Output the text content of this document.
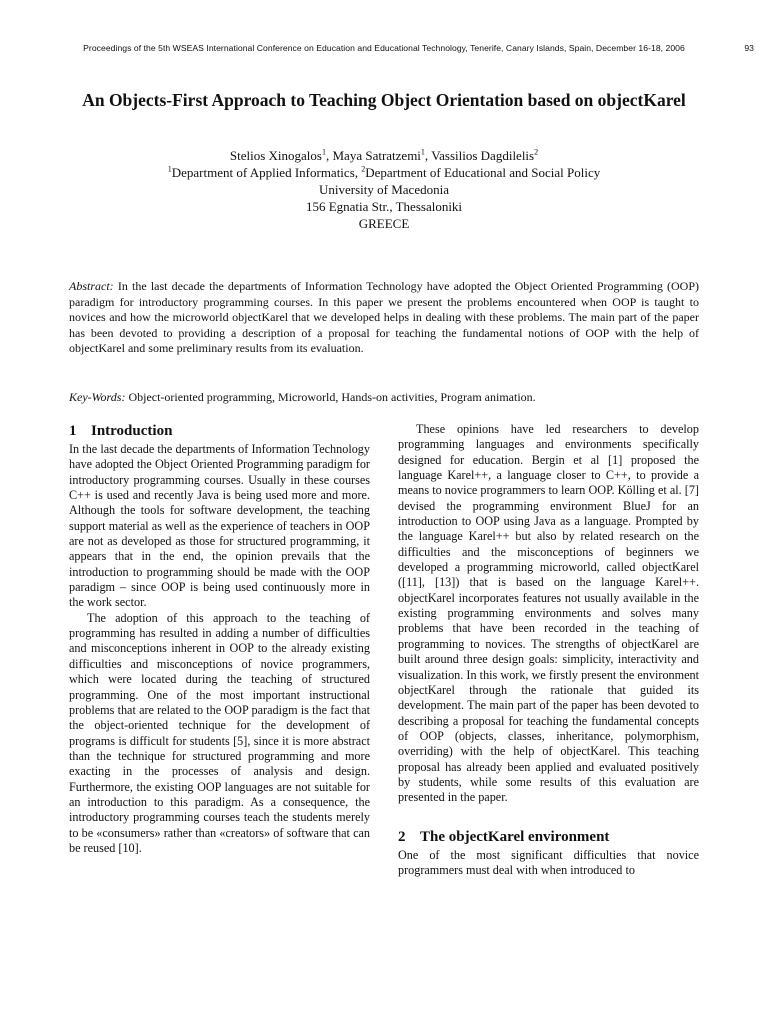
Proceedings of the 5th WSEAS International Conference on Education and Educational Technology, Tenerife, Canary Islands, Spain, December 16-18, 2006	93
An Objects-First Approach to Teaching Object Orientation based on objectKarel
Stelios Xinogalos$^1$, Maya Satratzemi$^1$, Vassilios Dagdilelis$^2$
$^1$Department of Applied Informatics, $^2$Department of Educational and Social Policy
University of Macedonia
156 Egnatia Str., Thessaloniki
GREECE
Abstract: In the last decade the departments of Information Technology have adopted the Object Oriented Programming (OOP) paradigm for introductory programming courses. In this paper we present the problems encountered when OOP is taught to novices and how the microworld objectKarel that we developed helps in dealing with these problems. The main part of the paper has been devoted to providing a description of a proposal for teaching the fundamental notions of OOP with the help of objectKarel and some preliminary results from its evaluation.
Key-Words: Object-oriented programming, Microworld, Hands-on activities, Program animation.
1 Introduction

In the last decade the departments of Information Technology have adopted the Object Oriented Programming paradigm for introductory programming courses. Usually in these courses C++ is used and recently Java is being used more and more. Although the tools for software development, the teaching support material as well as the experience of teachers in OOP are not as developed as those for structured programming, it appears that in the end, the opinion prevails that the introduction to programming should be made with the OOP paradigm – since OOP is being used continuously more in the work sector.

The adoption of this approach to the teaching of programming has resulted in adding a number of difficulties and misconceptions inherent in OOP to the already existing difficulties and misconceptions of novice programmers, which were located during the teaching of structured programming. One of the most important instructional problems that are related to the OOP paradigm is the fact that the object-oriented technique for the development of programs is difficult for students [5], since it is more abstract than the technique for structured programming and more exacting in the processes of analysis and design. Furthermore, the existing OOP languages are not suitable for an introduction to this paradigm. As a consequence, the introductory programming courses teach the students merely to be «consumers» rather than «creators» of software that can be reused [10].

These opinions have led researchers to develop programming languages and environments specifically designed for education. Bergin et al [1] proposed the language Karel++, a language closer to C++, to provide a means to novice programmers to learn OOP. Kölling et al. [7] devised the programming environment BlueJ for an introduction to OOP using Java as a language. Prompted by the language Karel++ but also by related research on the difficulties and the misconceptions of beginners we developed a programming microworld, called objectKarel ([11], [13]) that is based on the language Karel++. objectKarel incorporates features not usually available in the existing programming environments and solves many problems that have been recorded in the teaching of programming to novices. The strengths of objectKarel are built around three design goals: simplicity, interactivity and visualization. In this work, we firstly present the environment objectKarel through the rationale that guided its development. The main part of the paper has been devoted to describing a proposal for teaching the fundamental concepts of OOP (objects, classes, inheritance, polymorphism, overriding) with the help of objectKarel. This teaching proposal has already been applied and evaluated positively by students, while some results of this evaluation are presented in the paper.

2 The objectKarel environment

One of the most significant difficulties that novice programmers must deal with when introduced to
